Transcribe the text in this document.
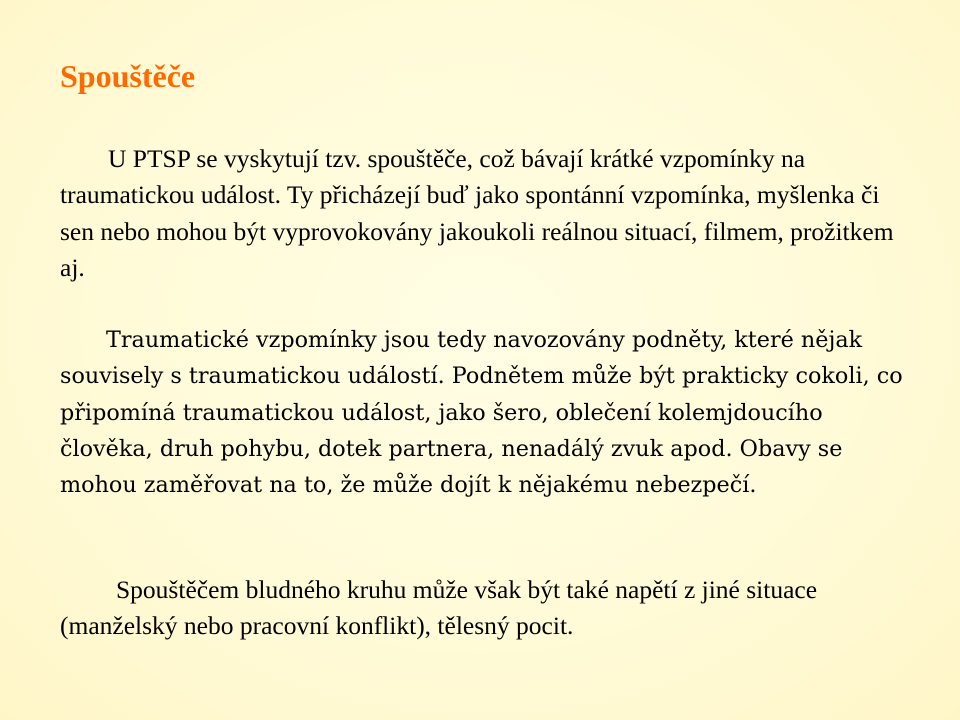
Spouštěče

U PTSP se vyskytují tzv. spouštěče, což bávají krátké vzpomínky na traumatickou událost. Ty přicházejí buď jako spontánní vzpomínka, myšlenka či sen nebo mohou být vyprovokovány jakoukoli reálnou situací, filmem, prožitkem aj.

Traumatické vzpomínky jsou tedy navozovány podněty, které nějak souvisely s traumatickou událostí. Podnětem může být prakticky cokoli, co připomíná traumatickou událost, jako šero, oblečení kolemjdoucího člověka, druh pohybu, dotek partnera, nenadálý zvuk apod. Obavy se mohou zaměřovat na to, že může dojít k nějakému nebezpečí.

Spouštěčem bludného kruhu může však být také napětí z jiné situace (manželský nebo pracovní konflikt), tělesný pocit.
